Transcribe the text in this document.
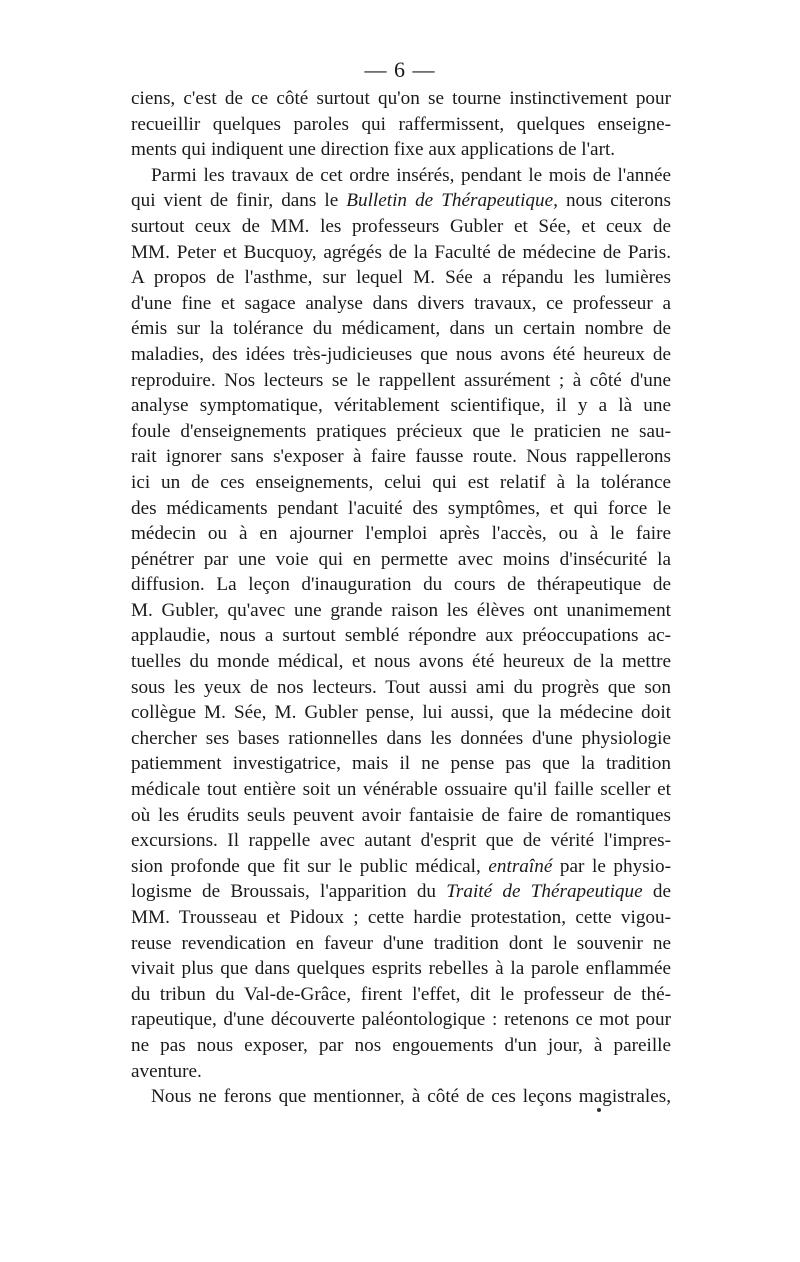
— 6 —
ciens, c'est de ce côté surtout qu'on se tourne instinctivement pour
recueillir quelques paroles qui raffermissent, quelques enseigne-
ments qui indiquent une direction fixe aux applications de l'art.
Parmi les travaux de cet ordre insérés, pendant le mois de l'année
qui vient de finir, dans le Bulletin de Thérapeutique, nous citerons
surtout ceux de MM. les professeurs Gubler et Sée, et ceux de
MM. Peter et Bucquoy, agrégés de la Faculté de médecine de Paris.
A propos de l'asthme, sur lequel M. Sée a répandu les lumières
d'une fine et sagace analyse dans divers travaux, ce professeur a
émis sur la tolérance du médicament, dans un certain nombre de
maladies, des idées très-judicieuses que nous avons été heureux de
reproduire. Nos lecteurs se le rappellent assurément ; à côté d'une
analyse symptomatique, véritablement scientifique, il y a là une
foule d'enseignements pratiques précieux que le praticien ne sau-
rait ignorer sans s'exposer à faire fausse route. Nous rappellerons
ici un de ces enseignements, celui qui est relatif à la tolérance
des médicaments pendant l'acuité des symptômes, et qui force le
médecin ou à en ajourner l'emploi après l'accès, ou à le faire
pénétrer par une voie qui en permette avec moins d'insécurité la
diffusion. La leçon d'inauguration du cours de thérapeutique de
M. Gubler, qu'avec une grande raison les élèves ont unanimement
applaudie, nous a surtout semblé répondre aux préoccupations ac-
tuelles du monde médical, et nous avons été heureux de la mettre
sous les yeux de nos lecteurs. Tout aussi ami du progrès que son
collègue M. Sée, M. Gubler pense, lui aussi, que la médecine doit
chercher ses bases rationnelles dans les données d'une physiologie
patiemment investigatrice, mais il ne pense pas que la tradition
médicale tout entière soit un vénérable ossuaire qu'il faille sceller et
où les érudits seuls peuvent avoir fantaisie de faire de romantiques
excursions. Il rappelle avec autant d'esprit que de vérité l'impres-
sion profonde que fit sur le public médical, entraîné par le physio-
logisme de Broussais, l'apparition du Traité de Thérapeutique de
MM. Trousseau et Pidoux ; cette hardie protestation, cette vigou-
reuse revendication en faveur d'une tradition dont le souvenir ne
vivait plus que dans quelques esprits rebelles à la parole enflammée
du tribun du Val-de-Grâce, firent l'effet, dit le professeur de thé-
rapeutique, d'une découverte paléontologique : retenons ce mot pour
ne pas nous exposer, par nos engouements d'un jour, à pareille
aventure.
Nous ne ferons que mentionner, à côté de ces leçons magistrales,
